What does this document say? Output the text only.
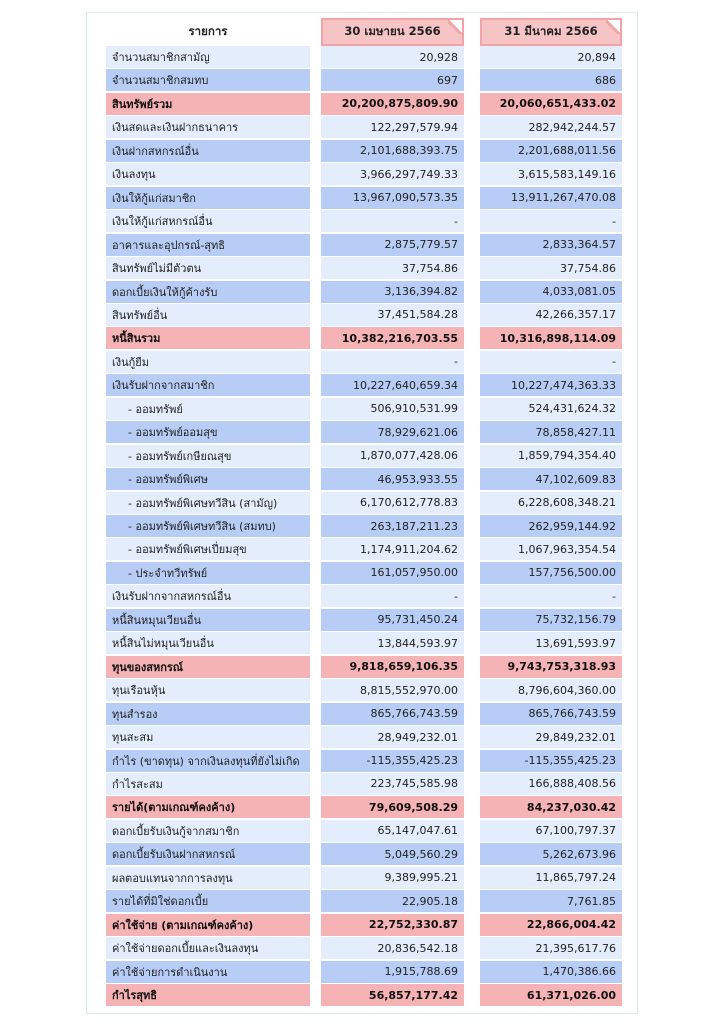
รายการ	30 เมษายน 2566	31 มีนาคม 2566
จำนวนสมาชิกสามัญ	20,928	20,894
จำนวนสมาชิกสมทบ	697	686
สินทรัพย์รวม	20,200,875,809.90	20,060,651,433.02
เงินสดและเงินฝากธนาคาร	122,297,579.94	282,942,244.57
เงินฝากสหกรณ์อื่น	2,101,688,393.75	2,201,688,011.56
เงินลงทุน	3,966,297,749.33	3,615,583,149.16
เงินให้กู้แก่สมาชิก	13,967,090,573.35	13,911,267,470.08
เงินให้กู้แก่สหกรณ์อื่น	-	-
อาคารและอุปกรณ์-สุทธิ	2,875,779.57	2,833,364.57
สินทรัพย์ไม่มีตัวตน	37,754.86	37,754.86
ดอกเบี้ยเงินให้กู้ค้างรับ	3,136,394.82	4,033,081.05
สินทรัพย์อื่น	37,451,584.28	42,266,357.17
หนี้สินรวม	10,382,216,703.55	10,316,898,114.09
เงินกู้ยืม	-	-
เงินรับฝากจากสมาชิก	10,227,640,659.34	10,227,474,363.33
- ออมทรัพย์	506,910,531.99	524,431,624.32
- ออมทรัพย์ออมสุข	78,929,621.06	78,858,427.11
- ออมทรัพย์เกษียณสุข	1,870,077,428.06	1,859,794,354.40
- ออมทรัพย์พิเศษ	46,953,933.55	47,102,609.83
- ออมทรัพย์พิเศษทวีสิน (สามัญ)	6,170,612,778.83	6,228,608,348.21
- ออมทรัพย์พิเศษทวีสิน (สมทบ)	263,187,211.23	262,959,144.92
- ออมทรัพย์พิเศษเปี่ยมสุข	1,174,911,204.62	1,067,963,354.54
- ประจำทวีทรัพย์	161,057,950.00	157,756,500.00
เงินรับฝากจากสหกรณ์อื่น	-	-
หนี้สินหมุนเวียนอื่น	95,731,450.24	75,732,156.79
หนี้สินไม่หมุนเวียนอื่น	13,844,593.97	13,691,593.97
ทุนของสหกรณ์	9,818,659,106.35	9,743,753,318.93
ทุนเรือนหุ้น	8,815,552,970.00	8,796,604,360.00
ทุนสำรอง	865,766,743.59	865,766,743.59
ทุนสะสม	28,949,232.01	29,849,232.01
กำไร (ขาดทุน) จากเงินลงทุนที่ยังไม่เกิด	-115,355,425.23	-115,355,425.23
กำไรสะสม	223,745,585.98	166,888,408.56
รายได้(ตามเกณฑ์คงค้าง)	79,609,508.29	84,237,030.42
ดอกเบี้ยรับเงินกู้จากสมาชิก	65,147,047.61	67,100,797.37
ดอกเบี้ยรับเงินฝากสหกรณ์	5,049,560.29	5,262,673.96
ผลตอบแทนจากการลงทุน	9,389,995.21	11,865,797.24
รายได้ที่มิใช่ดอกเบี้ย	22,905.18	7,761.85
ค่าใช้จ่าย (ตามเกณฑ์คงค้าง)	22,752,330.87	22,866,004.42
ค่าใช้จ่ายดอกเบี้ยและเงินลงทุน	20,836,542.18	21,395,617.76
ค่าใช้จ่ายการดำเนินงาน	1,915,788.69	1,470,386.66
กำไรสุทธิ	56,857,177.42	61,371,026.00
